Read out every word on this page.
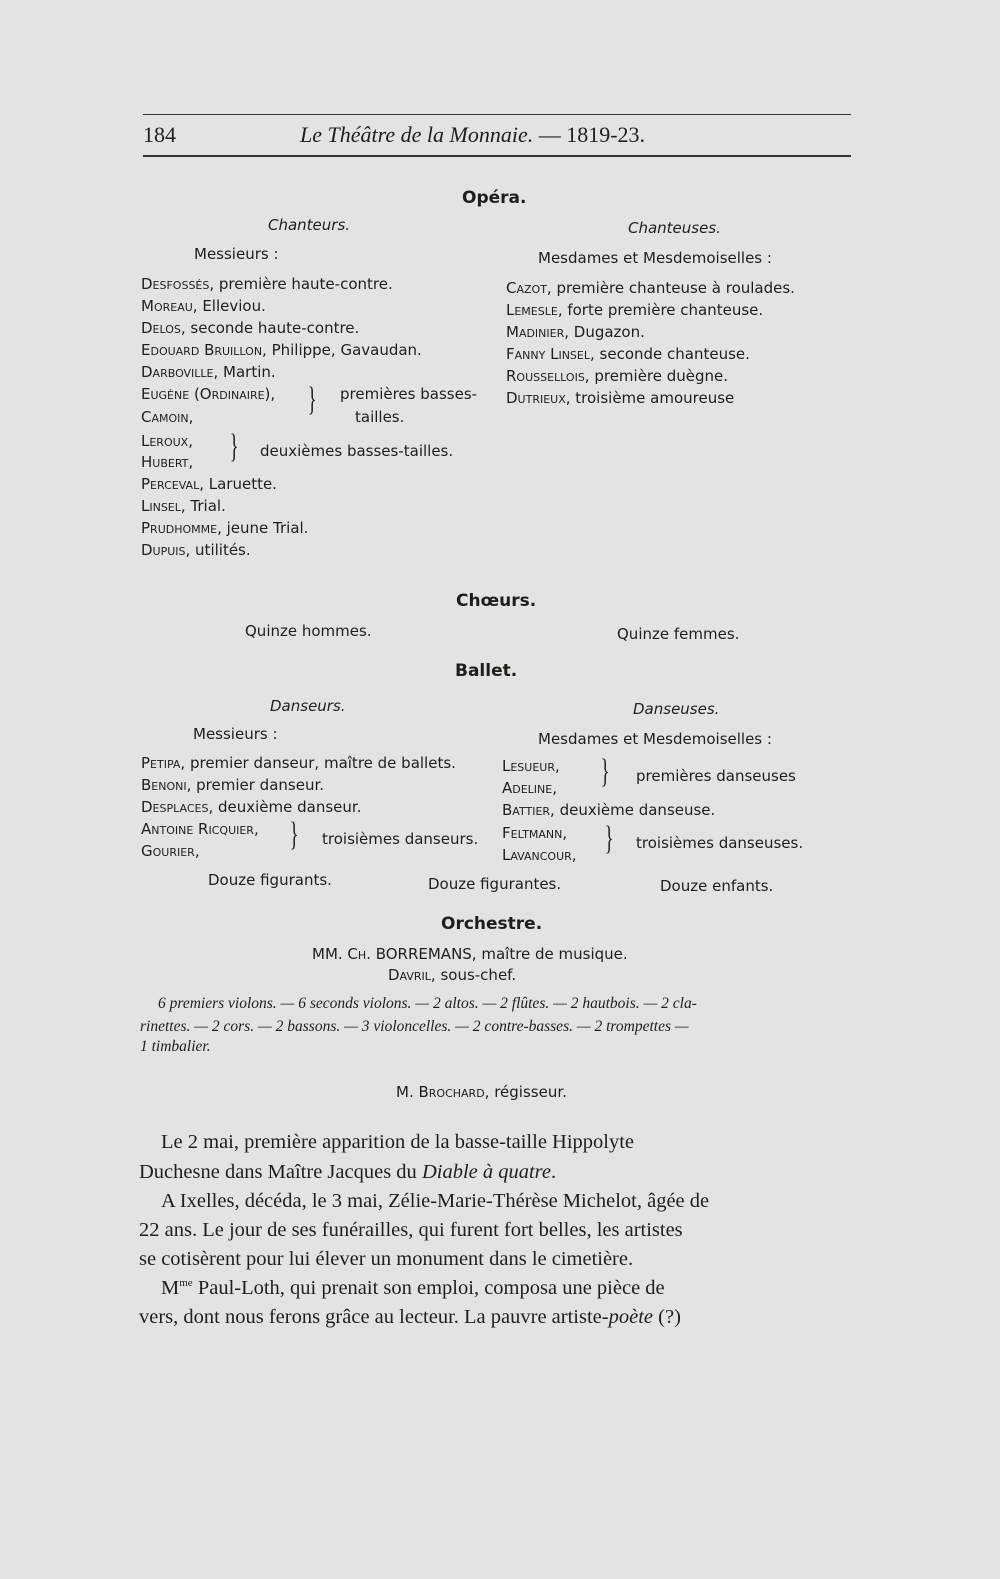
184	Le Théâtre de la Monnaie. — 1819-23.
Opéra.
Chanteurs.	Chanteuses.
Messieurs :	Mesdames et Mesdemoiselles :
Desfossés, première haute-contre.
Moreau, Elleviou.
Delos, seconde haute-contre.
Edouard Bruillon, Philippe, Gavaudan.
Darboville, Martin.
Eugène (Ordinaire),
Camoin,	} premières basses-
tailles.
Leroux,
Hubert, } deuxièmes basses-tailles.
Perceval, Laruette.
Linsel, Trial.
Prudhomme, jeune Trial.
Dupuis, utilités.
Cazot, première chanteuse à roulades.
Lemesle, forte première chanteuse.
Madinier, Dugazon.
Fanny Linsel, seconde chanteuse.
Roussellois, première duègne.
Dutrieux, troisième amoureuse
Chœurs.
Quinze hommes.	Quinze femmes.
Ballet.
Danseurs.	Danseuses.
Messieurs :	Mesdames et Mesdemoiselles :
Petipa, premier danseur, maître de ballets.
Benoni, premier danseur.
Desplaces, deuxième danseur.
Antoine Ricquier,
Gourier,	} troisièmes danseurs.
Lesueur,
Adeline, } premières danseuses
Battier, deuxième danseuse.
Feltmann,
Lavancour, } troisièmes danseuses.
Douze figurants.	Douze figurantes.	Douze enfants.
Orchestre.
MM. Ch. BORREMANS, maître de musique.
Davril, sous-chef.
6 premiers violons. — 6 seconds violons. — 2 altos. — 2 flûtes. — 2 hautbois. — 2 cla-
rinettes. — 2 cors. — 2 bassons. — 3 violoncelles. — 2 contre-basses. — 2 trompettes —
1 timbalier.
M. Brochard, régisseur.
Le 2 mai, première apparition de la basse-taille Hippolyte
Duchesne dans Maître Jacques du Diable à quatre.
A Ixelles, décéda, le 3 mai, Zélie-Marie-Thérèse Michelot, âgée de
22 ans. Le jour de ses funérailles, qui furent fort belles, les artistes
se cotisèrent pour lui élever un monument dans le cimetière.
$M^{me}$ Paul-Loth, qui prenait son emploi, composa une pièce de
vers, dont nous ferons grâce au lecteur. La pauvre artiste-poète (?)
